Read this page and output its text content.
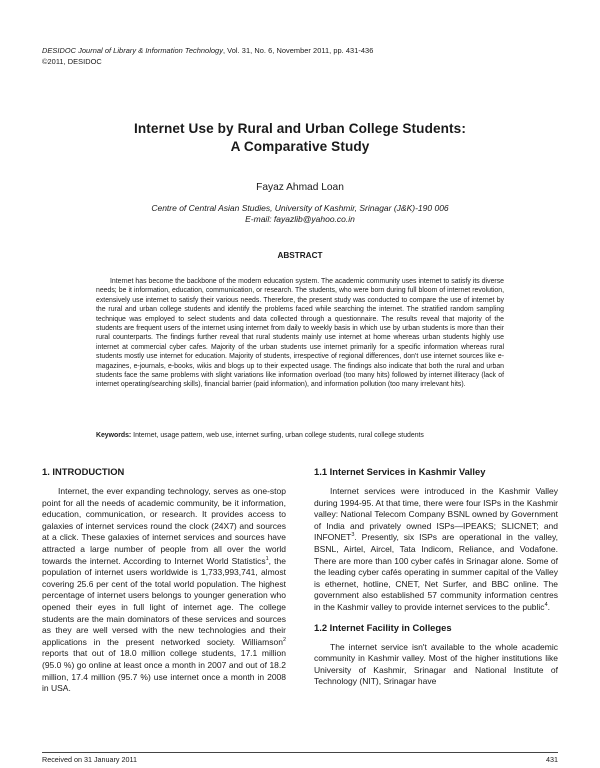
DESIDOC Journal of Library & Information Technology, Vol. 31, No. 6, November 2011, pp. 431-436
©2011, DESIDOC
Internet Use by Rural and Urban College Students:
A Comparative Study
Fayaz Ahmad Loan
Centre of Central Asian Studies, University of Kashmir, Srinagar (J&K)-190 006
E-mail: fayazlib@yahoo.co.in
ABSTRACT

Internet has become the backbone of the modern education system. The academic community uses internet to satisfy its diverse needs; be it information, education, communication, or research. The students, who were born during full bloom of internet revolution, extensively use internet to satisfy their various needs. Therefore, the present study was conducted to compare the use of internet by the rural and urban college students and identify the problems faced while searching the internet. The stratified random sampling technique was employed to select students and data collected through a questionnaire. The results reveal that majority of the students are frequent users of the internet using internet from daily to weekly basis in which use by urban students is more than their rural counterparts. The findings further reveal that rural students mainly use internet at home whereas urban students highly use internet at commercial cyber cafes. Majority of the urban students use internet primarily for a specific information whereas rural students mostly use internet for education. Majority of students, irrespective of regional differences, don't use internet sources like e-magazines, e-journals, e-books, wikis and blogs up to their expected usage. The findings also indicate that both the rural and urban students face the same problems with slight variations like information overload (too many hits) followed by internet illiteracy (lack of internet operating/searching skills), financial barrier (paid information), and information pollution (too many irrelevant hits).

Keywords: Internet, usage pattern, web use, internet surfing, urban college students, rural college students
1. INTRODUCTION

Internet, the ever expanding technology, serves as one-stop point for all the needs of academic community, be it information, education, communication, or research. It provides access to galaxies of internet services round the clock (24X7) and sources at a click. These galaxies of internet services and sources have attracted a large number of people from all over the world towards the internet. According to Internet World Statistics$^1$, the population of internet users worldwide is 1,733,993,741, almost covering 25.6 per cent of the total world population. The highest percentage of internet users belongs to younger generation who opened their eyes in full light of internet age. The college students are the main dominators of these services and sources as they are well versed with the new technologies and their applications in the present networked society. Williamson$^2$ reports that out of 18.0 million college students, 17.1 million (95.0 %) go online at least once a month in 2007 and out of 18.2 million, 17.4 million (95.7 %) use internet once a month in 2008 in USA.

1.1 Internet Services in Kashmir Valley

Internet services were introduced in the Kashmir Valley during 1994-95. At that time, there were four ISPs in the Kashmir valley: National Telecom Company BSNL owned by Government of India and privately owned ISPs—IPEAKS; SLICNET; and INFONET$^3$. Presently, six ISPs are operational in the valley, BSNL, Airtel, Aircel, Tata Indicom, Reliance, and Vodafone. There are more than 100 cyber cafés in Srinagar alone. Some of the leading cyber cafés operating in summer capital of the Valley is ethernet, hotline, CNET, Net Surfer, and BBC online. The government also established 57 community information centres in the Kashmir valley to provide internet services to the public$^4$.

1.2 Internet Facility in Colleges

The internet service isn't available to the whole academic community in Kashmir valley. Most of the higher institutions like University of Kashmir, Srinagar and National Institute of Technology (NIT), Srinagar have

Received on 31 January 2011	431
